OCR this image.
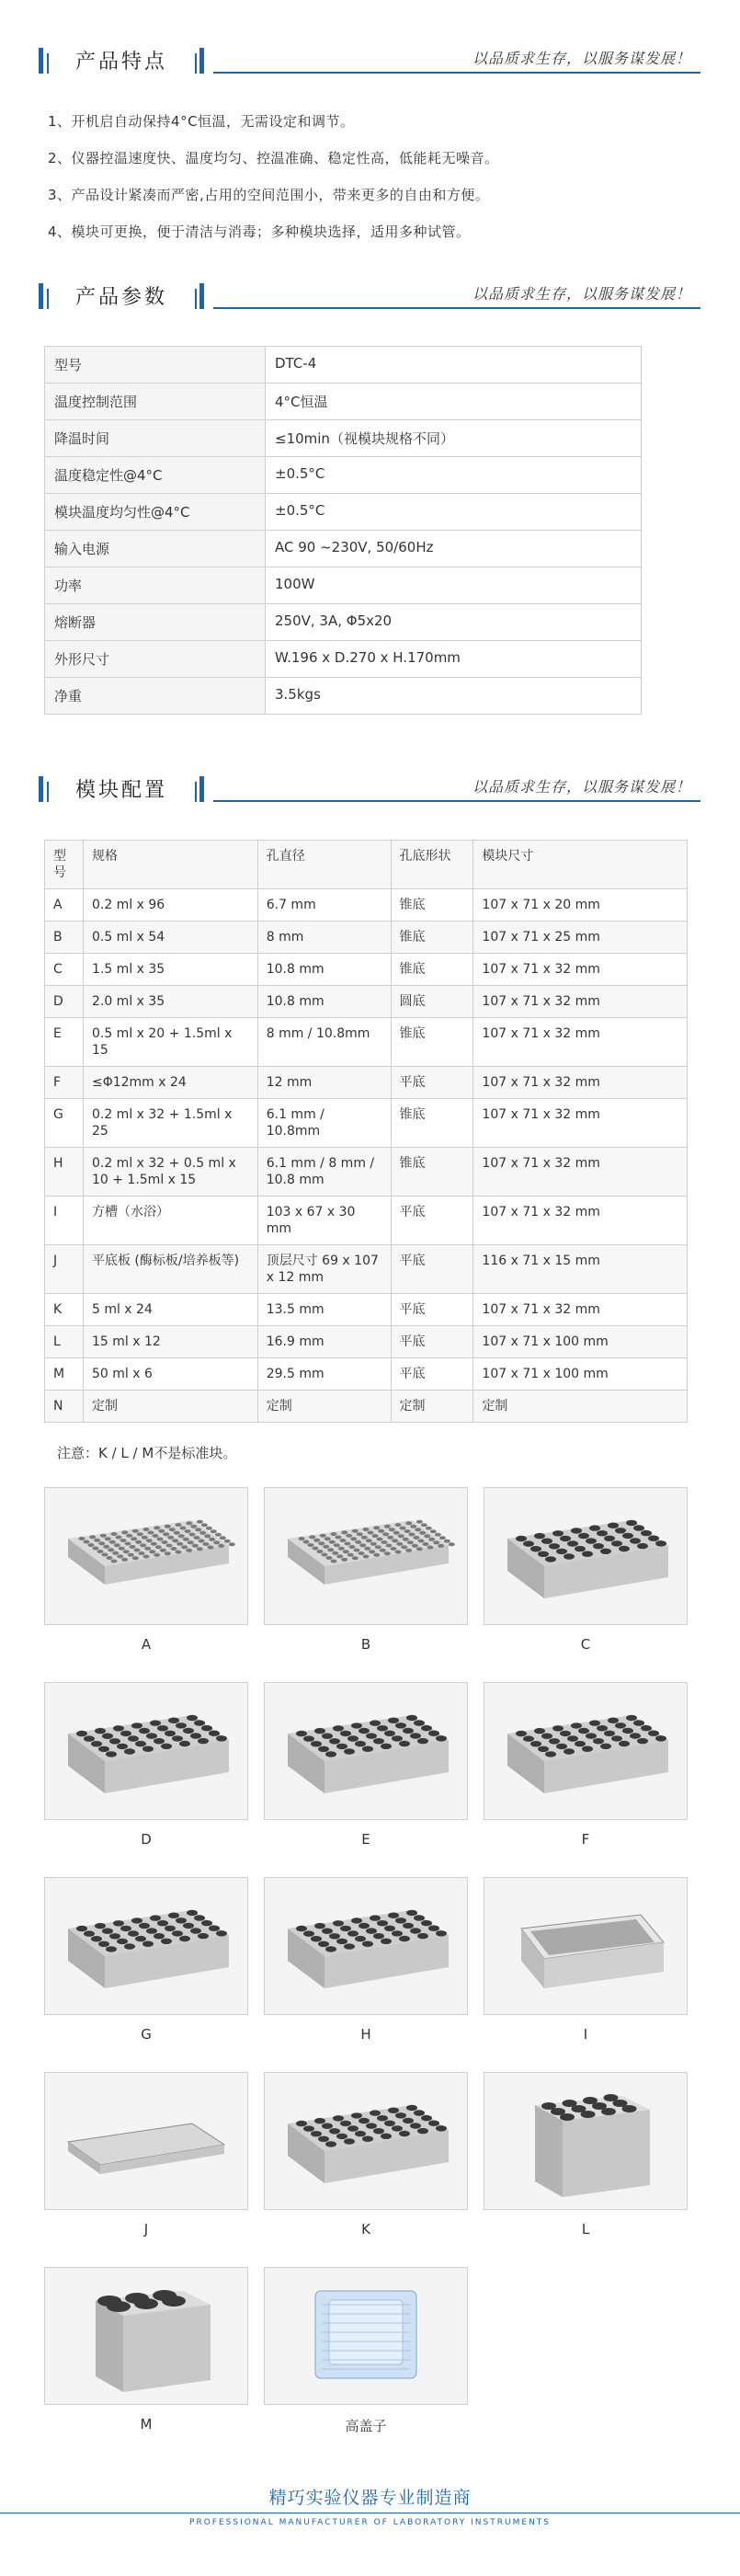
产品特点	以品质求生存，以服务谋发展！

1、开机启自动保持4°C恒温，无需设定和调节。

2、仪器控温速度快、温度均匀、控温准确、稳定性高，低能耗无噪音。

3、产品设计紧凑而严密,占用的空间范围小，带来更多的自由和方便。

4、模块可更换，便于清洁与消毒；多种模块选择，适用多种试管。

产品参数	以品质求生存，以服务谋发展！
型号	DTC-4
温度控制范围	4°C恒温
降温时间	≤10min（视模块规格不同）
温度稳定性@4°C	±0.5°C
模块温度均匀性@4°C	±0.5°C
输入电源	AC 90 ~230V, 50/60Hz
功率	100W
熔断器	250V, 3A, Φ5x20
外形尺寸	W.196 x D.270 x H.170mm
净重	3.5kgs
模块配置	以品质求生存，以服务谋发展！
型号	规格	孔直径	孔底形状	模块尺寸
A	0.2 ml x 96	6.7 mm	锥底	107 x 71 x 20 mm
B	0.5 ml x 54	8 mm	锥底	107 x 71 x 25 mm
C	1.5 ml x 35	10.8 mm	锥底	107 x 71 x 32 mm
D	2.0 ml x 35	10.8 mm	圆底	107 x 71 x 32 mm
E	0.5 ml x 20 + 1.5ml x 15	8 mm / 10.8mm	锥底	107 x 71 x 32 mm
F	≤Φ12mm x 24	12 mm	平底	107 x 71 x 32 mm
G	0.2 ml x 32 + 1.5ml x 25	6.1 mm / 10.8mm	锥底	107 x 71 x 32 mm
H	0.2 ml x 32 + 0.5 ml x 10 + 1.5ml x 15	6.1 mm / 8 mm / 10.8 mm	锥底	107 x 71 x 32 mm
I	方槽（水浴）	103 x 67 x 30 mm	平底	107 x 71 x 32 mm
J	平底板 (酶标板/培养板等)	顶层尺寸 69 x 107 x 12 mm	平底	116 x 71 x 15 mm
K	5 ml x 24	13.5 mm	平底	107 x 71 x 32 mm
L	15 ml x 12	16.9 mm	平底	107 x 71 x 100 mm
M	50 ml x 6	29.5 mm	平底	107 x 71 x 100 mm
N	定制	定制	定制	定制
注意：K / L / M不是标准块。
A	B	C
D	E	F
G	H	I
J	K	L
M	高盖子
精巧实验仪器专业制造商
PROFESSIONAL MANUFACTURER OF LABORATORY INSTRUMENTS
